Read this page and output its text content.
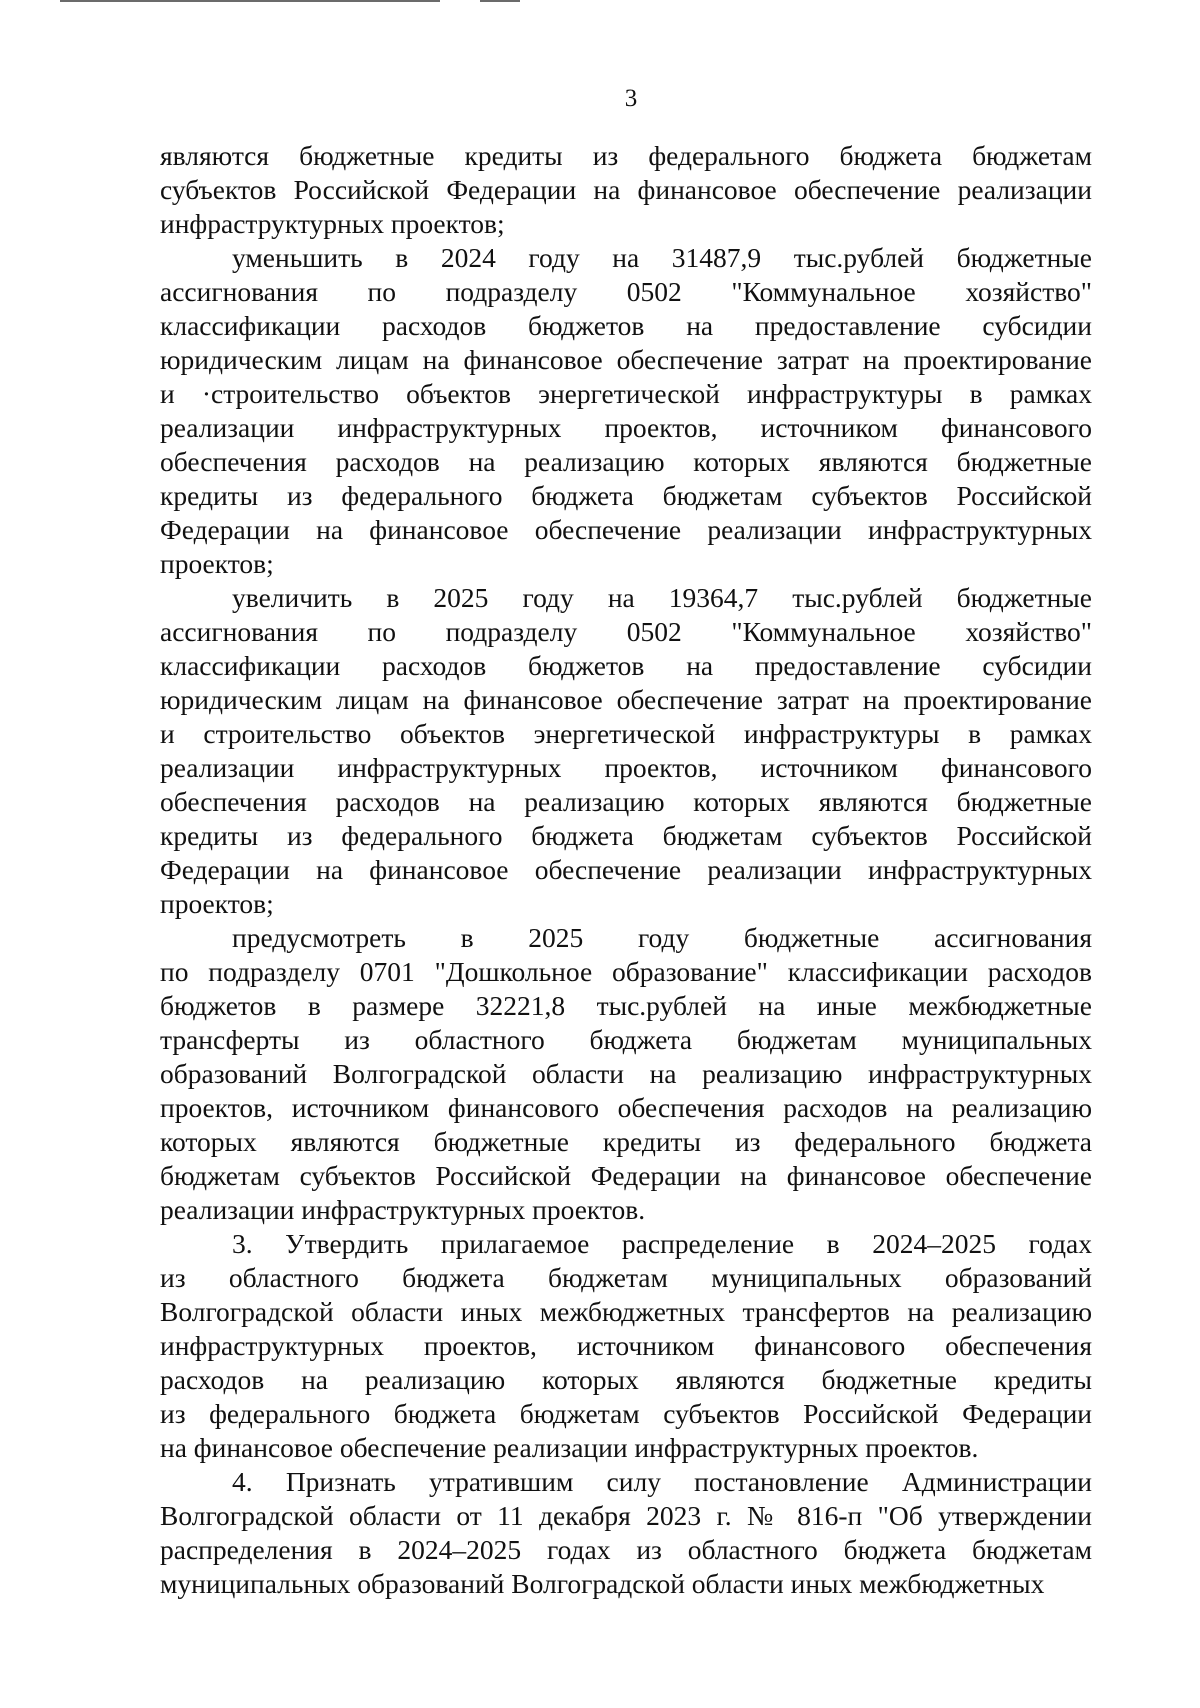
3
являются бюджетные кредиты из федерального бюджета бюджетам
субъектов Российской Федерации на финансовое обеспечение реализации
инфраструктурных проектов;
уменьшить в 2024 году на 31487,9 тыс.рублей бюджетные
ассигнования по подразделу 0502 "Коммунальное хозяйство"
классификации расходов бюджетов на предоставление субсидии
юридическим лицам на финансовое обеспечение затрат на проектирование
и ·строительство объектов энергетической инфраструктуры в рамках
реализации инфраструктурных проектов, источником финансового
обеспечения расходов на реализацию которых являются бюджетные
кредиты из федерального бюджета бюджетам субъектов Российской
Федерации на финансовое обеспечение реализации инфраструктурных
проектов;
увеличить в 2025 году на 19364,7 тыс.рублей бюджетные
ассигнования по подразделу 0502 "Коммунальное хозяйство"
классификации расходов бюджетов на предоставление субсидии
юридическим лицам на финансовое обеспечение затрат на проектирование
и строительство объектов энергетической инфраструктуры в рамках
реализации инфраструктурных проектов, источником финансового
обеспечения расходов на реализацию которых являются бюджетные
кредиты из федерального бюджета бюджетам субъектов Российской
Федерации на финансовое обеспечение реализации инфраструктурных
проектов;
предусмотреть в 2025 году бюджетные ассигнования
по подразделу 0701 "Дошкольное образование" классификации расходов
бюджетов в размере 32221,8 тыс.рублей на иные межбюджетные
трансферты из областного бюджета бюджетам муниципальных
образований Волгоградской области на реализацию инфраструктурных
проектов, источником финансового обеспечения расходов на реализацию
которых являются бюджетные кредиты из федерального бюджета
бюджетам субъектов Российской Федерации на финансовое обеспечение
реализации инфраструктурных проектов.
3. Утвердить прилагаемое распределение в 2024–2025 годах
из областного бюджета бюджетам муниципальных образований
Волгоградской области иных межбюджетных трансфертов на реализацию
инфраструктурных проектов, источником финансового обеспечения
расходов на реализацию которых являются бюджетные кредиты
из федерального бюджета бюджетам субъектов Российской Федерации
на финансовое обеспечение реализации инфраструктурных проектов.
4. Признать утратившим силу постановление Администрации
Волгоградской области от 11 декабря 2023 г. № 816-п "Об утверждении
распределения в 2024–2025 годах из областного бюджета бюджетам
муниципальных образований Волгоградской области иных межбюджетных
